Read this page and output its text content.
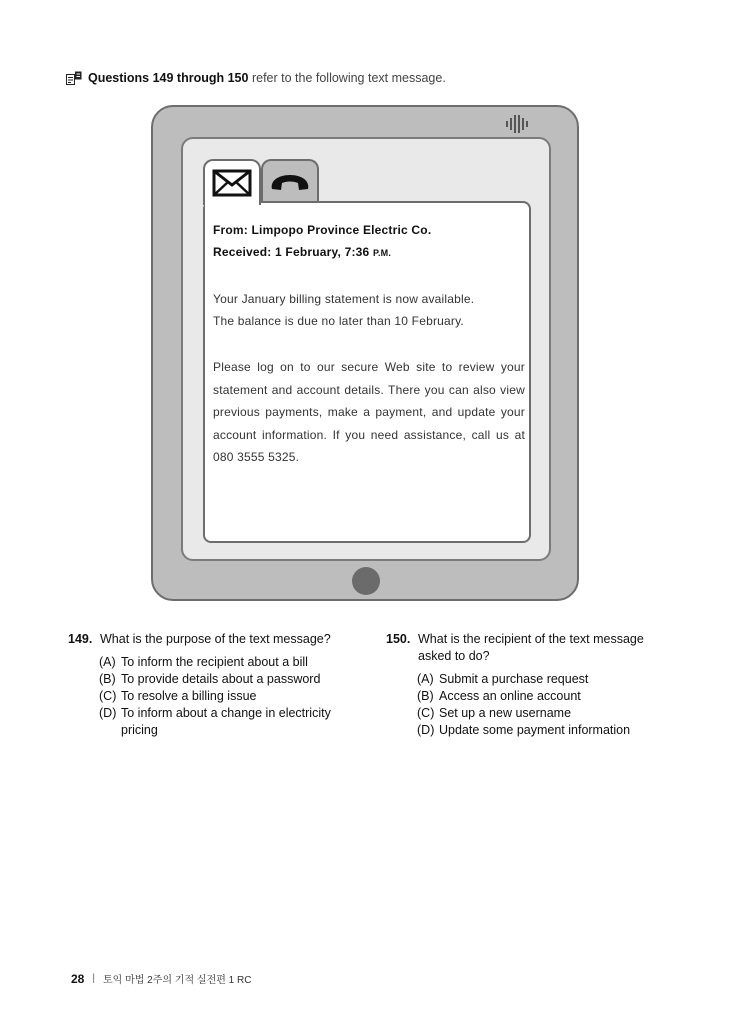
Questions 149 through 150 refer to the following text message.
From: Limpopo Province Electric Co.
Received: 1 February, 7:36 P.M.
Your January billing statement is now available.
The balance is due no later than 10 February.
Please log on to our secure Web site to review your statement and account details. There you can also view previous payments, make a payment, and update your account information. If you need assistance, call us at 080 3555 5325.
149. What is the purpose of the text message?
(A) To inform the recipient about a bill
(B) To provide details about a password
(C) To resolve a billing issue
(D) To inform about a change in electricity pricing
150. What is the recipient of the text message asked to do?
(A) Submit a purchase request
(B) Access an online account
(C) Set up a new username
(D) Update some payment information
28 | 토익 마법 2주의 기적 실전편 1 RC
